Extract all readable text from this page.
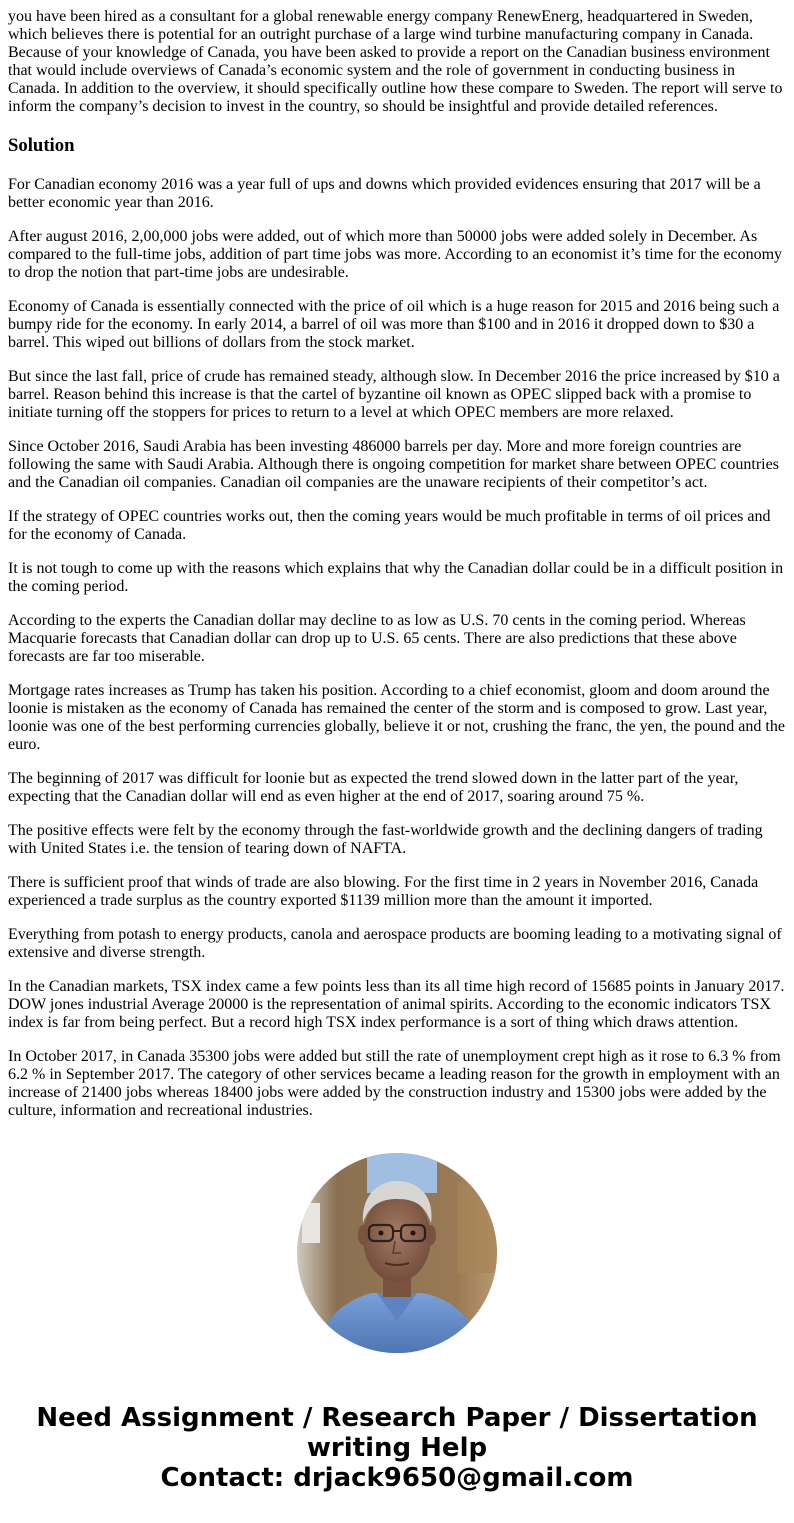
you have been hired as a consultant for a global renewable energy company RenewEnerg, headquartered in Sweden, which believes there is potential for an outright purchase of a large wind turbine manufacturing company in Canada. Because of your knowledge of Canada, you have been asked to provide a report on the Canadian business environment that would include overviews of Canada’s economic system and the role of government in conducting business in Canada. In addition to the overview, it should specifically outline how these compare to Sweden. The report will serve to inform the company’s decision to invest in the country, so should be insightful and provide detailed references.

Solution

For Canadian economy 2016 was a year full of ups and downs which provided evidences ensuring that 2017 will be a better economic year than 2016.

After august 2016, 2,00,000 jobs were added, out of which more than 50000 jobs were added solely in December. As compared to the full-time jobs, addition of part time jobs was more. According to an economist it’s time for the economy to drop the notion that part-time jobs are undesirable.

Economy of Canada is essentially connected with the price of oil which is a huge reason for 2015 and 2016 being such a bumpy ride for the economy. In early 2014, a barrel of oil was more than $100 and in 2016 it dropped down to $30 a barrel. This wiped out billions of dollars from the stock market.

But since the last fall, price of crude has remained steady, although slow. In December 2016 the price increased by $10 a barrel. Reason behind this increase is that the cartel of byzantine oil known as OPEC slipped back with a promise to initiate turning off the stoppers for prices to return to a level at which OPEC members are more relaxed.

Since October 2016, Saudi Arabia has been investing 486000 barrels per day. More and more foreign countries are following the same with Saudi Arabia. Although there is ongoing competition for market share between OPEC countries and the Canadian oil companies. Canadian oil companies are the unaware recipients of their competitor’s act.

If the strategy of OPEC countries works out, then the coming years would be much profitable in terms of oil prices and for the economy of Canada.

It is not tough to come up with the reasons which explains that why the Canadian dollar could be in a difficult position in the coming period.

According to the experts the Canadian dollar may decline to as low as U.S. 70 cents in the coming period. Whereas Macquarie forecasts that Canadian dollar can drop up to U.S. 65 cents. There are also predictions that these above forecasts are far too miserable.

Mortgage rates increases as Trump has taken his position. According to a chief economist, gloom and doom around the loonie is mistaken as the economy of Canada has remained the center of the storm and is composed to grow. Last year, loonie was one of the best performing currencies globally, believe it or not, crushing the franc, the yen, the pound and the euro.

The beginning of 2017 was difficult for loonie but as expected the trend slowed down in the latter part of the year, expecting that the Canadian dollar will end as even higher at the end of 2017, soaring around 75 %.

The positive effects were felt by the economy through the fast-worldwide growth and the declining dangers of trading with United States i.e. the tension of tearing down of NAFTA.

There is sufficient proof that winds of trade are also blowing. For the first time in 2 years in November 2016, Canada experienced a trade surplus as the country exported $1139 million more than the amount it imported.

Everything from potash to energy products, canola and aerospace products are booming leading to a motivating signal of extensive and diverse strength.

In the Canadian markets, TSX index came a few points less than its all time high record of 15685 points in January 2017. DOW jones industrial Average 20000 is the representation of animal spirits. According to the economic indicators TSX index is far from being perfect. But a record high TSX index performance is a sort of thing which draws attention.

In October 2017, in Canada 35300 jobs were added but still the rate of unemployment crept high as it rose to 6.3 % from 6.2 % in September 2017. The category of other services became a leading reason for the growth in employment with an increase of 21400 jobs whereas 18400 jobs were added by the construction industry and 15300 jobs were added by the culture, information and recreational industries.

Need Assignment / Research Paper / Dissertation
writing Help
Contact: drjack9650@gmail.com
